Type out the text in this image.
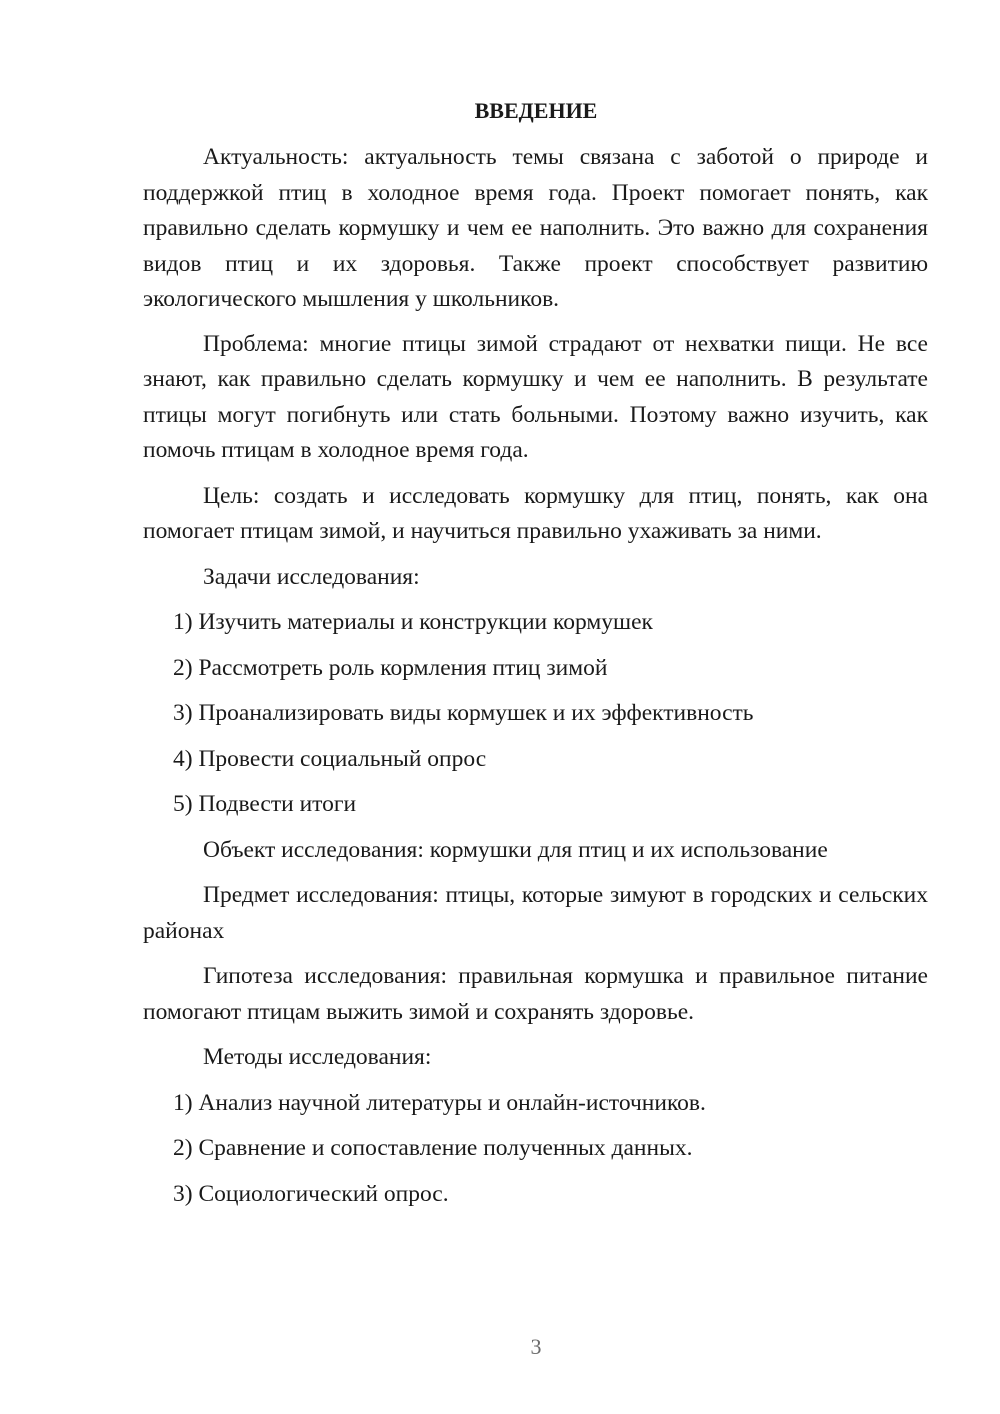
ВВЕДЕНИЕ

Актуальность: актуальность темы связана с заботой о природе и поддержкой птиц в холодное время года. Проект помогает понять, как правильно сделать кормушку и чем ее наполнить. Это важно для сохранения видов птиц и их здоровья. Также проект способствует развитию экологического мышления у школьников.

Проблема: многие птицы зимой страдают от нехватки пищи. Не все знают, как правильно сделать кормушку и чем ее наполнить. В результате птицы могут погибнуть или стать больными. Поэтому важно изучить, как помочь птицам в холодное время года.

Цель: создать и исследовать кормушку для птиц, понять, как она помогает птицам зимой, и научиться правильно ухаживать за ними.

Задачи исследования:

1) Изучить материалы и конструкции кормушек

2) Рассмотреть роль кормления птиц зимой

3) Проанализировать виды кормушек и их эффективность

4) Провести социальный опрос

5) Подвести итоги

Объект исследования: кормушки для птиц и их использование

Предмет исследования: птицы, которые зимуют в городских и сельских районах

Гипотеза исследования: правильная кормушка и правильное питание помогают птицам выжить зимой и сохранять здоровье.

Методы исследования:

1) Анализ научной литературы и онлайн-источников.

2) Сравнение и сопоставление полученных данных.

3) Социологический опрос.

3
